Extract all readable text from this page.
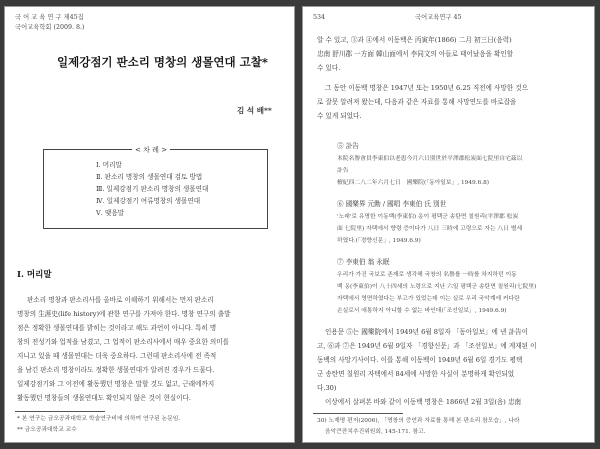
국 어 교 육 연 구 제45집
국어교육학회 (2009. 8.)
일제강점기 판소리 명창의 생몰연대 고찰*
김 석 배**
< 차 례 >
Ⅰ. 머리말
Ⅱ. 판소리 명창의 생몰연대 검토 방법
Ⅲ. 일제강점기 판소리 명창의 생몰연대
Ⅳ. 일제강점기 여류명창의 생몰연대
Ⅴ. 맺음말
Ⅰ. 머리말
판소리 명창과 판소리사를 올바로 이해하기 위해서는 먼저 판소리
명창의 生涯史(life history)에 관한 연구를 가져야 한다. 명창 연구의 출발
점은 정확한 생몰연대를 밝히는 것이라고 해도 과언이 아니다. 특히 명
창의 전성기와 업적을 남겼고, 그 업적이 판소리사에서 매우 중요한 의미를
지니고 있을 때 생몰연대는 더욱 중요하다. 그런데 판소리사에 전 족적
을 남긴 판소리 명창이라도 정확한 생몰연대가 알려진 경우가 드물다.
일제강점기와 그 이전에 활동했던 명창은 말할 것도 없고, 근래에까지
활동했던 명창들의 생몰연대도 확인되지 않은 것이 현실이다.
* 본 연구는 금오공과대학교 학술연구비에 의하여 연구된 논문임.
** 금오공과대학교 교수
534	국어교육연구 45
알 수 있고, ③과 ④에서 이동백은 丙寅年(1866) 二月 初三日(음력)
忠南 舒川郡 一方面 韓山面에서 李同文의 아들로 태어났음을 확인할
수 있다.
그 동안 이동백 명창은 1947년 또는 1950년 6.25 직전에 사망한 것으
로 잘못 알려져 왔는데, 다음과 같은 자료를 통해 사망연도를 바로잡을
수 있게 되었다.
⑤ 訃告
本院名譽會員李東伯以老患今月六日別世於平澤郡松炭面七院里自宅茲以
訃告
檀紀四二八二年六月七日　國樂院(「동아일보」, 1949.6.8)
⑥ 國樂界 元勳 / 國唱 李東伯 氏 別世
'노래'로 유명한 이동백(李東伯) 옹이 평택군 송탄면 칠원리(平澤郡 松炭
面 七院里) 자택에서 향령 증이다가 八日 三時에 고령으로 자는 八日 별세
하였다.(「경향신문」, 1949.6.9)
⑦ 李東伯 翁 永眠
우리가 가진 국보로 존재로 생각해 국창의 名譽를 一時를 차지하던 이동
백 옹(李東伯)이 八十四세의 노령으로 지난 六일 평택군 송탄면 칠원리(七院里)
자택에서 영면하였다는 부고가 있었는데 이는 실로 우리 국악계에 커다란
손실로서 애통하지 아니할 수 없는 바인데(「조선일보」, 1949.6.9)
인용문 ⑤는 國樂院에서 1949년 6월 8일자 「동아일보」에 낸 訃告이
고, ⑥과 ⑦은 1949년 6월 9일자 「경향신문」과 「조선일보」에 게재된 이
동백의 사망기사이다. 이를 통해 이동백이 1949년 6월 6일 경기도 평택
군 송탄면 칠원리 자택에서 84세에 사망한 사실이 분명하게 확인되었
다.30)
이상에서 살펴본 바와 같이 이동백 명창은 1866년 2월 3일(음) 忠南
30) 노재명 편저(2006), 「명창의 증언과 자료를 통해 본 판소리 참모습」, 나라
음악큰잔치추진위원회, 145-171. 참고.
